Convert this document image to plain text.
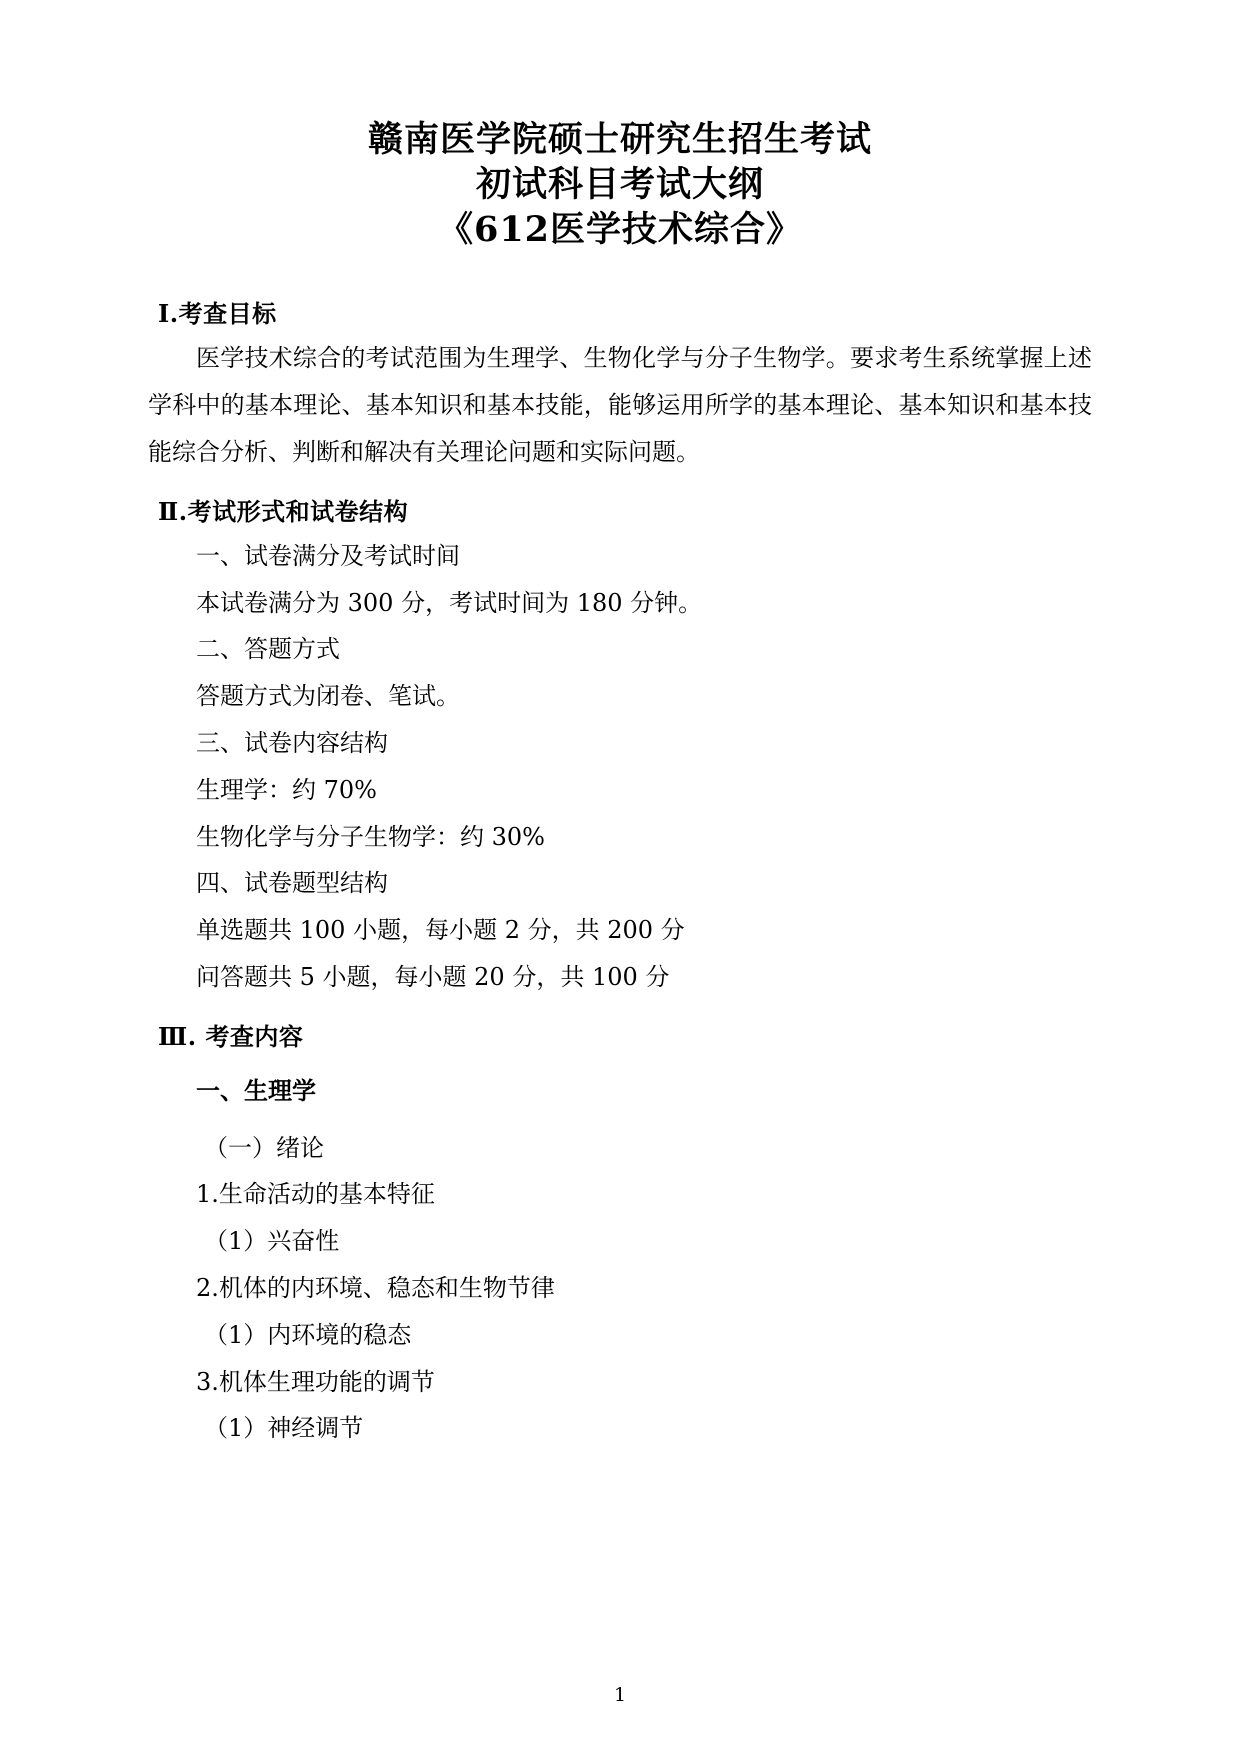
赣南医学院硕士研究生招生考试
初试科目考试大纲
《612医学技术综合》
Ⅰ.考查目标

医学技术综合的考试范围为生理学、生物化学与分子生物学。要求考生系统掌握上述学科中的基本理论、基本知识和基本技能，能够运用所学的基本理论、基本知识和基本技能综合分析、判断和解决有关理论问题和实际问题。

Ⅱ.考试形式和试卷结构

一、试卷满分及考试时间

本试卷满分为 300 分，考试时间为 180 分钟。

二、答题方式

答题方式为闭卷、笔试。

三、试卷内容结构

生理学：约 70%

生物化学与分子生物学：约 30%

四、试卷题型结构

单选题共 100 小题，每小题 2 分，共 200 分

问答题共 5 小题，每小题 20 分，共 100 分

Ⅲ. 考查内容

一、生理学

（一）绪论

1.生命活动的基本特征

（1）兴奋性

2.机体的内环境、稳态和生物节律

（1）内环境的稳态

3.机体生理功能的调节

（1）神经调节

1
